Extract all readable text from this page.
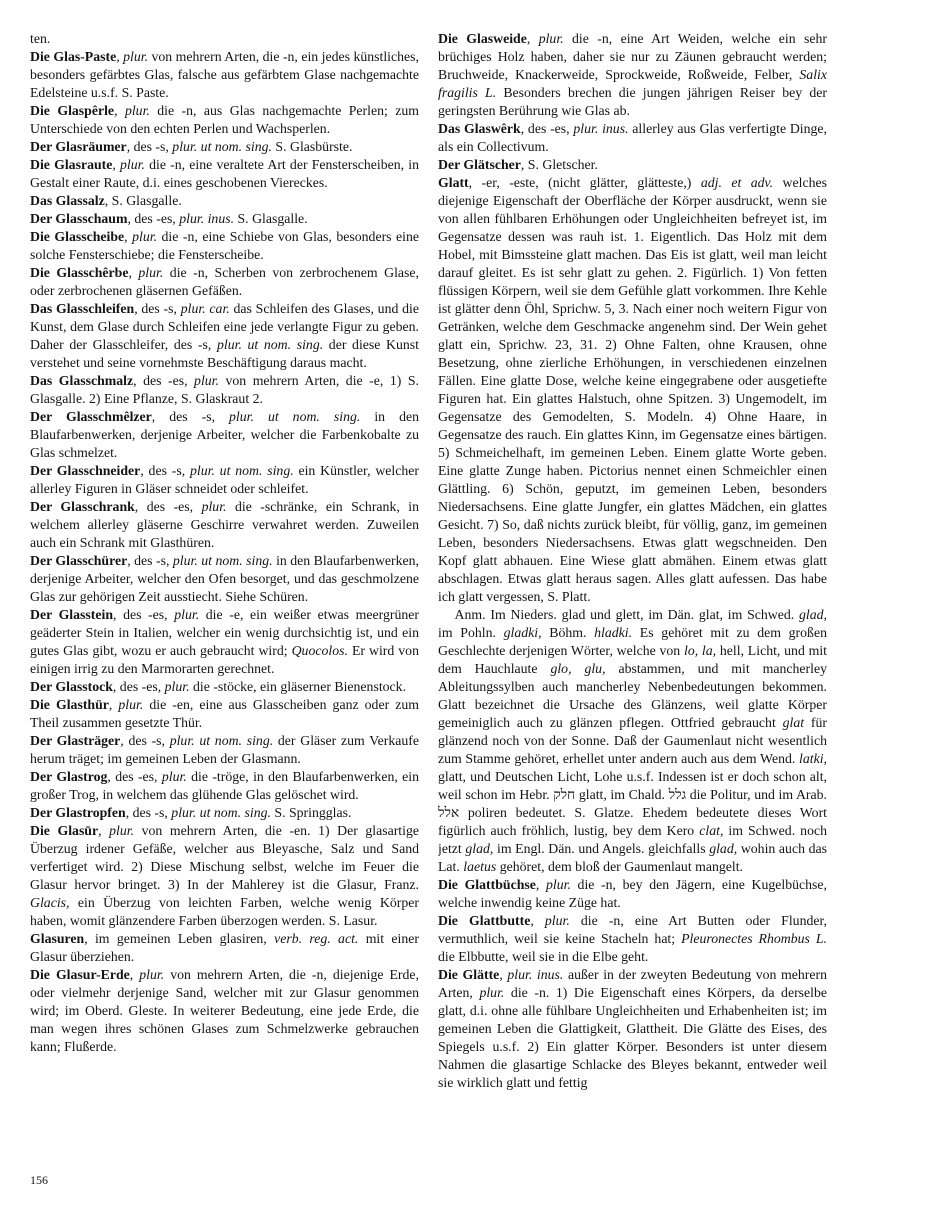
ten.

Die Glas-Paste, plur. von mehrern Arten, die -n, ein jedes künstliches, besonders gefärbtes Glas, falsche aus gefärbtem Glase nachgemachte Edelsteine u.s.f. S. Paste.

Die Glaspêrle, plur. die -n, aus Glas nachgemachte Perlen; zum Unterschiede von den echten Perlen und Wachsperlen.

Der Glasräumer, des -s, plur. ut nom. sing. S. Glasbürste.

Die Glasraute, plur. die -n, eine veraltete Art der Fensterscheiben, in Gestalt einer Raute, d.i. eines geschobenen Viereckes.

Das Glassalz, S. Glasgalle.

Der Glasschaum, des -es, plur. inus. S. Glasgalle.

Die Glasscheibe, plur. die -n, eine Schiebe von Glas, besonders eine solche Fensterschiebe; die Fensterscheibe.

Die Glasschêrbe, plur. die -n, Scherben von zerbrochenem Glase, oder zerbrochenen gläsernen Gefäßen.

Das Glasschleifen, des -s, plur. car. das Schleifen des Glases, und die Kunst, dem Glase durch Schleifen eine jede verlangte Figur zu geben. Daher der Glasschleifer, des -s, plur. ut nom. sing. der diese Kunst verstehet und seine vornehmste Beschäftigung daraus macht.

Das Glasschmalz, des -es, plur. von mehrern Arten, die -e, 1) S. Glasgalle. 2) Eine Pflanze, S. Glaskraut 2.

Der Glasschmêlzer, des -s, plur. ut nom. sing. in den Blaufarbenwerken, derjenige Arbeiter, welcher die Farbenkobalte zu Glas schmelzet.

Der Glasschneider, des -s, plur. ut nom. sing. ein Künstler, welcher allerley Figuren in Gläser schneidet oder schleifet.

Der Glasschrank, des -es, plur. die -schränke, ein Schrank, in welchem allerley gläserne Geschirre verwahret werden. Zuweilen auch ein Schrank mit Glasthüren.

Der Glasschürer, des -s, plur. ut nom. sing. in den Blaufarbenwerken, derjenige Arbeiter, welcher den Ofen besorget, und das geschmolzene Glas zur gehörigen Zeit ausstiecht. Siehe Schüren.

Der Glasstein, des -es, plur. die -e, ein weißer etwas meergrüner geäderter Stein in Italien, welcher ein wenig durchsichtig ist, und ein gutes Glas gibt, wozu er auch gebraucht wird; Quocolos. Er wird von einigen irrig zu den Marmorarten gerechnet.

Der Glasstock, des -es, plur. die -stöcke, ein gläserner Bienenstock.

Die Glasthür, plur. die -en, eine aus Glasscheiben ganz oder zum Theil zusammen gesetzte Thür.

Der Glasträger, des -s, plur. ut nom. sing. der Gläser zum Verkaufe herum träget; im gemeinen Leben der Glasmann.

Der Glastrog, des -es, plur. die -tröge, in den Blaufarbenwerken, ein großer Trog, in welchem das glühende Glas gelöschet wird.

Der Glastropfen, des -s, plur. ut nom. sing. S. Springglas.

Die Glasūr, plur. von mehrern Arten, die -en. 1) Der glasartige Überzug irdener Gefäße, welcher aus Bleyasche, Salz und Sand verfertiget wird. 2) Diese Mischung selbst, welche im Feuer die Glasur hervor bringet. 3) In der Mahlerey ist die Glasur, Franz. Glacis, ein Überzug von leichten Farben, welche wenig Körper haben, womit glänzendere Farben überzogen werden. S. Lasur.

Glasuren, im gemeinen Leben glasiren, verb. reg. act. mit einer Glasur überziehen.

Die Glasur-Erde, plur. von mehrern Arten, die -n, diejenige Erde, oder vielmehr derjenige Sand, welcher mit zur Glasur genommen wird; im Oberd. Gleste. In weiterer Bedeutung, eine jede Erde, die man wegen ihres schönen Glases zum Schmelzwerke gebrauchen kann; Flußerde.

Die Glasweide, plur. die -n, eine Art Weiden, welche ein sehr brüchiges Holz haben, daher sie nur zu Zäunen gebraucht werden; Bruchweide, Knackerweide, Sprockweide, Roßweide, Felber, Salix fragilis L. Besonders brechen die jungen jährigen Reiser bey der geringsten Berührung wie Glas ab.

Das Glaswêrk, des -es, plur. inus. allerley aus Glas verfertigte Dinge, als ein Collectivum.

Der Glätscher, S. Gletscher.

Glatt, -er, -este, (nicht glätter, glätteste,) adj. et adv. welches diejenige Eigenschaft der Oberfläche der Körper ausdruckt, wenn sie von allen fühlbaren Erhöhungen oder Ungleichheiten befreyet ist, im Gegensatze dessen was rauh ist. 1. Eigentlich. Das Holz mit dem Hobel, mit Bimssteine glatt machen. Das Eis ist glatt, weil man leicht darauf gleitet. Es ist sehr glatt zu gehen. 2. Figürlich. 1) Von fetten flüssigen Körpern, weil sie dem Gefühle glatt vorkommen. Ihre Kehle ist glätter denn Öhl, Sprichw. 5, 3. Nach einer noch weitern Figur von Getränken, welche dem Geschmacke angenehm sind. Der Wein gehet glatt ein, Sprichw. 23, 31. 2) Ohne Falten, ohne Krausen, ohne Besetzung, ohne zierliche Erhöhungen, in verschiedenen einzelnen Fällen. Eine glatte Dose, welche keine eingegrabene oder ausgetiefte Figuren hat. Ein glattes Halstuch, ohne Spitzen. 3) Ungemodelt, im Gegensatze des Gemodelten, S. Modeln. 4) Ohne Haare, in Gegensatze des rauch. Ein glattes Kinn, im Gegensatze eines bärtigen. 5) Schmeichelhaft, im gemeinen Leben. Einem glatte Worte geben. Eine glatte Zunge haben. Pictorius nennet einen Schmeichler einen Glättling. 6) Schön, geputzt, im gemeinen Leben, besonders Niedersachsens. Eine glatte Jungfer, ein glattes Mädchen, ein glattes Gesicht. 7) So, daß nichts zurück bleibt, für völlig, ganz, im gemeinen Leben, besonders Niedersachsens. Etwas glatt wegschneiden. Den Kopf glatt abhauen. Eine Wiese glatt abmähen. Einem etwas glatt abschlagen. Etwas glatt heraus sagen. Alles glatt aufessen. Das habe ich glatt vergessen, S. Platt.

Anm. Im Nieders. glad und glett, im Dän. glat, im Schwed. glad, im Pohln. gladki, Böhm. hladki. Es gehöret mit zu dem großen Geschlechte derjenigen Wörter, welche von lo, la, hell, Licht, und mit dem Hauchlaute glo, glu, abstammen, und mit mancherley Ableitungssylben auch mancherley Nebenbedeutungen bekommen. Glatt bezeichnet die Ursache des Glänzens, weil glatte Körper gemeiniglich auch zu glänzen pflegen. Ottfried gebraucht glat für glänzend noch von der Sonne. Daß der Gaumenlaut nicht wesentlich zum Stamme gehöret, erhellet unter andern auch aus dem Wend. latki, glatt, und Deutschen Licht, Lohe u.s.f. Indessen ist er doch schon alt, weil schon im Hebr. חלק glatt, im Chald. גלל die Politur, und im Arab. אלל poliren bedeutet. S. Glatze. Ehedem bedeutete dieses Wort figürlich auch fröhlich, lustig, bey dem Kero clat, im Schwed. noch jetzt glad, im Engl. Dän. und Angels. gleichfalls glad, wohin auch das Lat. laetus gehöret, dem bloß der Gaumenlaut mangelt.

Die Glattbüchse, plur. die -n, bey den Jägern, eine Kugelbüchse, welche inwendig keine Züge hat.

Die Glattbutte, plur. die -n, eine Art Butten oder Flunder, vermuthlich, weil sie keine Stacheln hat; Pleuronectes Rhombus L. die Elbbutte, weil sie in die Elbe geht.

Die Glätte, plur. inus. außer in der zweyten Bedeutung von mehrern Arten, plur. die -n. 1) Die Eigenschaft eines Körpers, da derselbe glatt, d.i. ohne alle fühlbare Ungleichheiten und Erhabenheiten ist; im gemeinen Leben die Glattigkeit, Glattheit. Die Glätte des Eises, des Spiegels u.s.f. 2) Ein glatter Körper. Besonders ist unter diesem Nahmen die glasartige Schlacke des Bleyes bekannt, entweder weil sie wirklich glatt und fettig

156
